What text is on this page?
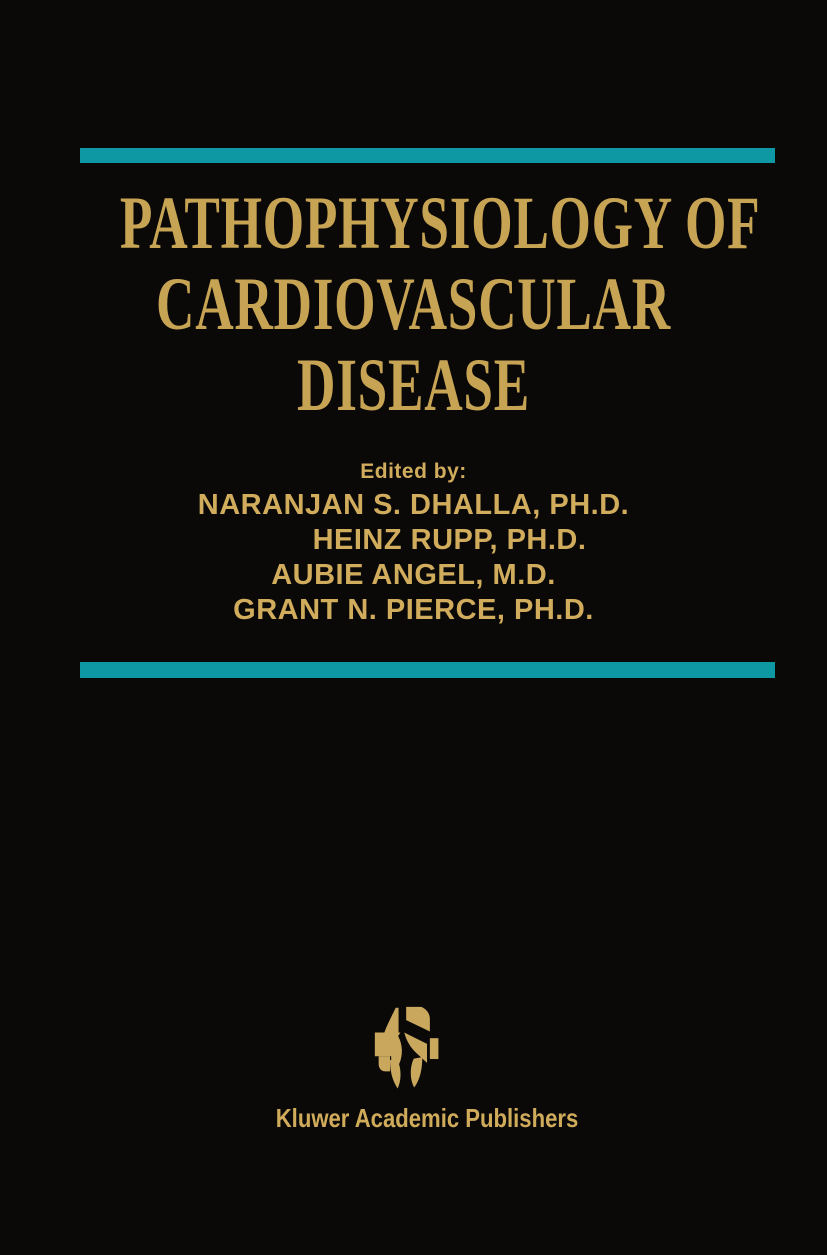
PATHOPHYSIOLOGY OF
CARDIOVASCULAR
DISEASE
Edited by:
NARANJAN S. DHALLA, PH.D.
HEINZ RUPP, PH.D.
AUBIE ANGEL, M.D.
GRANT N. PIERCE, PH.D.
Kluwer Academic Publishers
